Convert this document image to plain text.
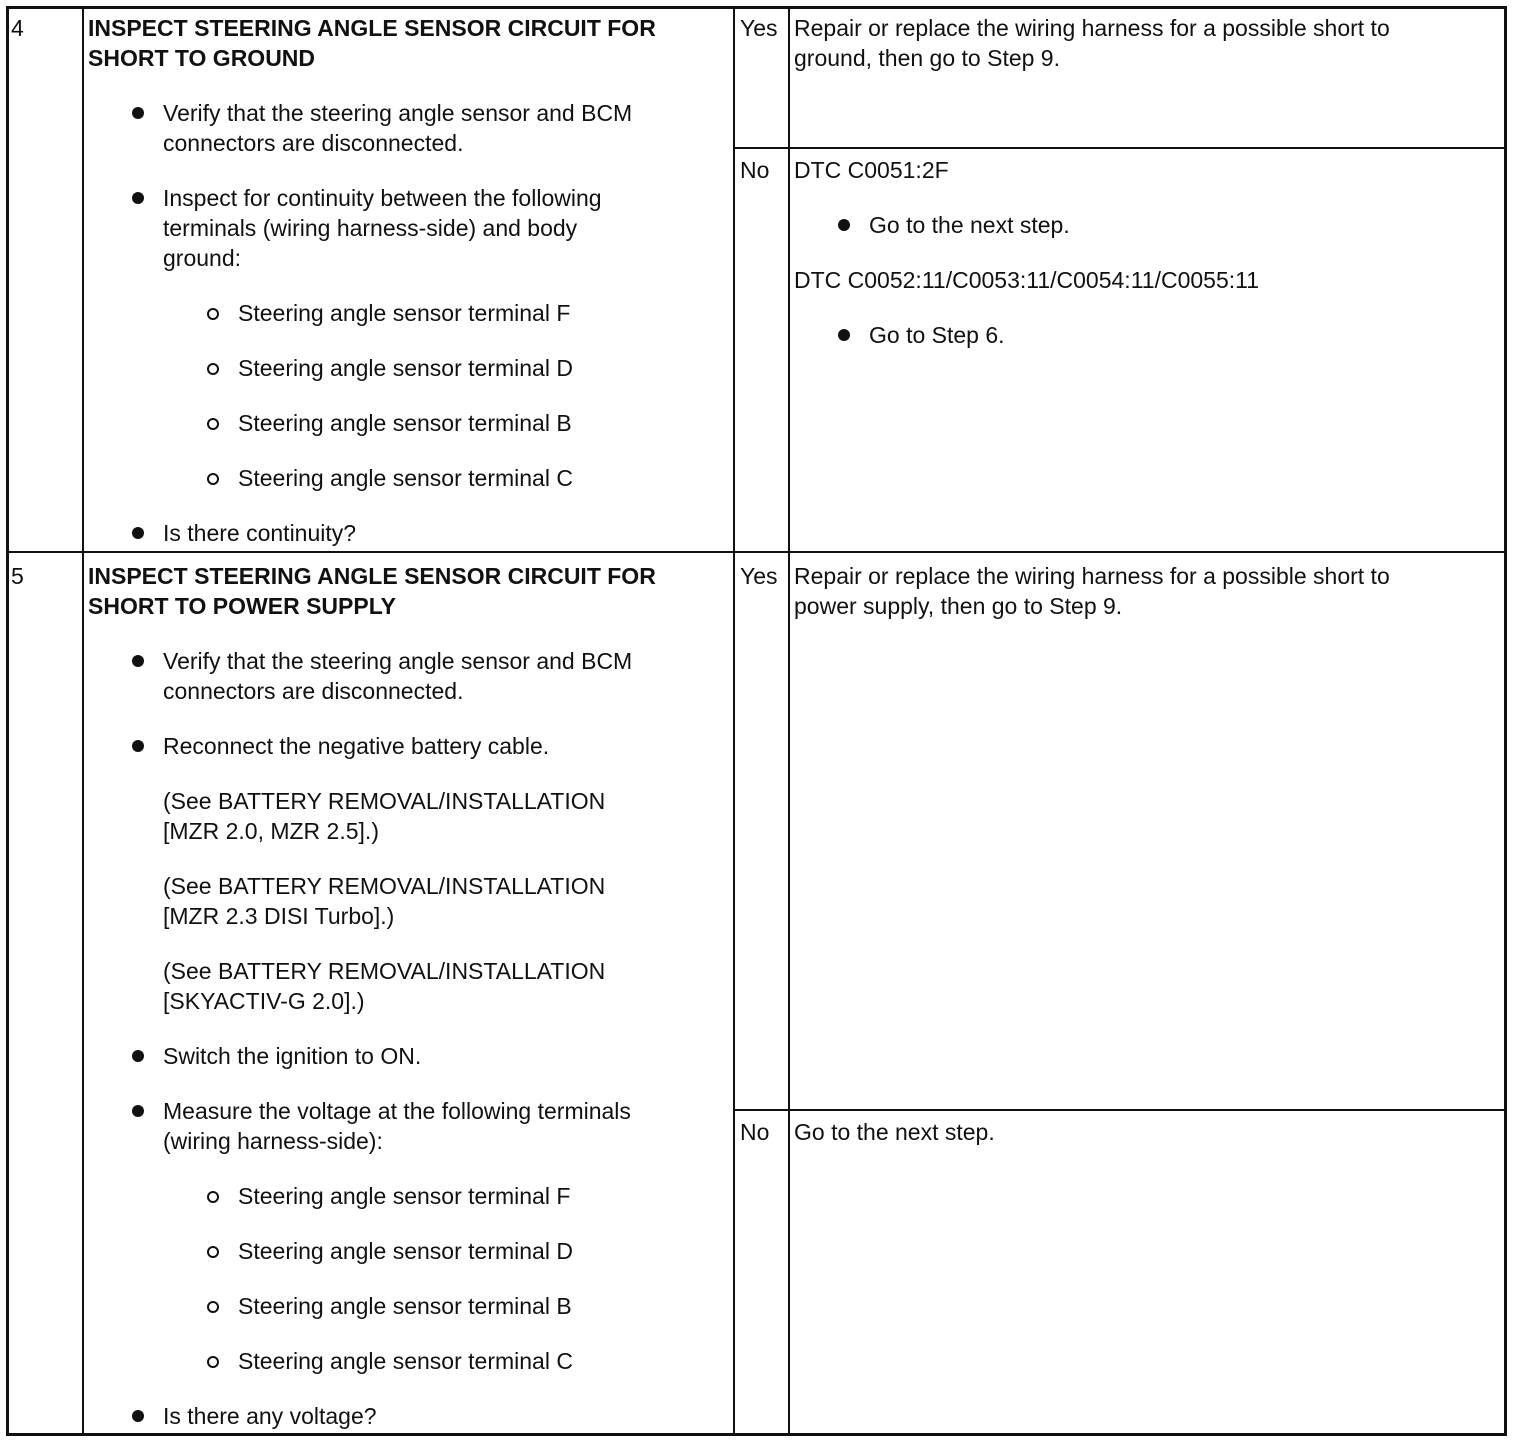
4	INSPECT STEERING ANGLE SENSOR CIRCUIT FOR

SHORT TO GROUND

Verify that the steering angle sensor and BCM
connectors are disconnected.
Inspect for continuity between the following
terminals (wiring harness-side) and body
ground:
Steering angle sensor terminal F
Steering angle sensor terminal D
Steering angle sensor terminal B
Steering angle sensor terminal C
Is there continuity?
Yes Repair or replace the wiring harness for a possible short to
ground, then go to Step 9.
No DTC C0051:2F
Go to the next step.
DTC C0052:11/C0053:11/C0054:11/C0055:11
Go to Step 6.
5	INSPECT STEERING ANGLE SENSOR CIRCUIT FOR

SHORT TO POWER SUPPLY

Verify that the steering angle sensor and BCM
connectors are disconnected.
Reconnect the negative battery cable.
(See BATTERY REMOVAL/INSTALLATION
[MZR 2.0, MZR 2.5].)
(See BATTERY REMOVAL/INSTALLATION
[MZR 2.3 DISI Turbo].)
(See BATTERY REMOVAL/INSTALLATION
[SKYACTIV-G 2.0].)
Switch the ignition to ON.
Measure the voltage at the following terminals
(wiring harness-side):
Steering angle sensor terminal F
Steering angle sensor terminal D
Steering angle sensor terminal B
Steering angle sensor terminal C
Is there any voltage?
Yes Repair or replace the wiring harness for a possible short to
power supply, then go to Step 9.
No Go to the next step.
